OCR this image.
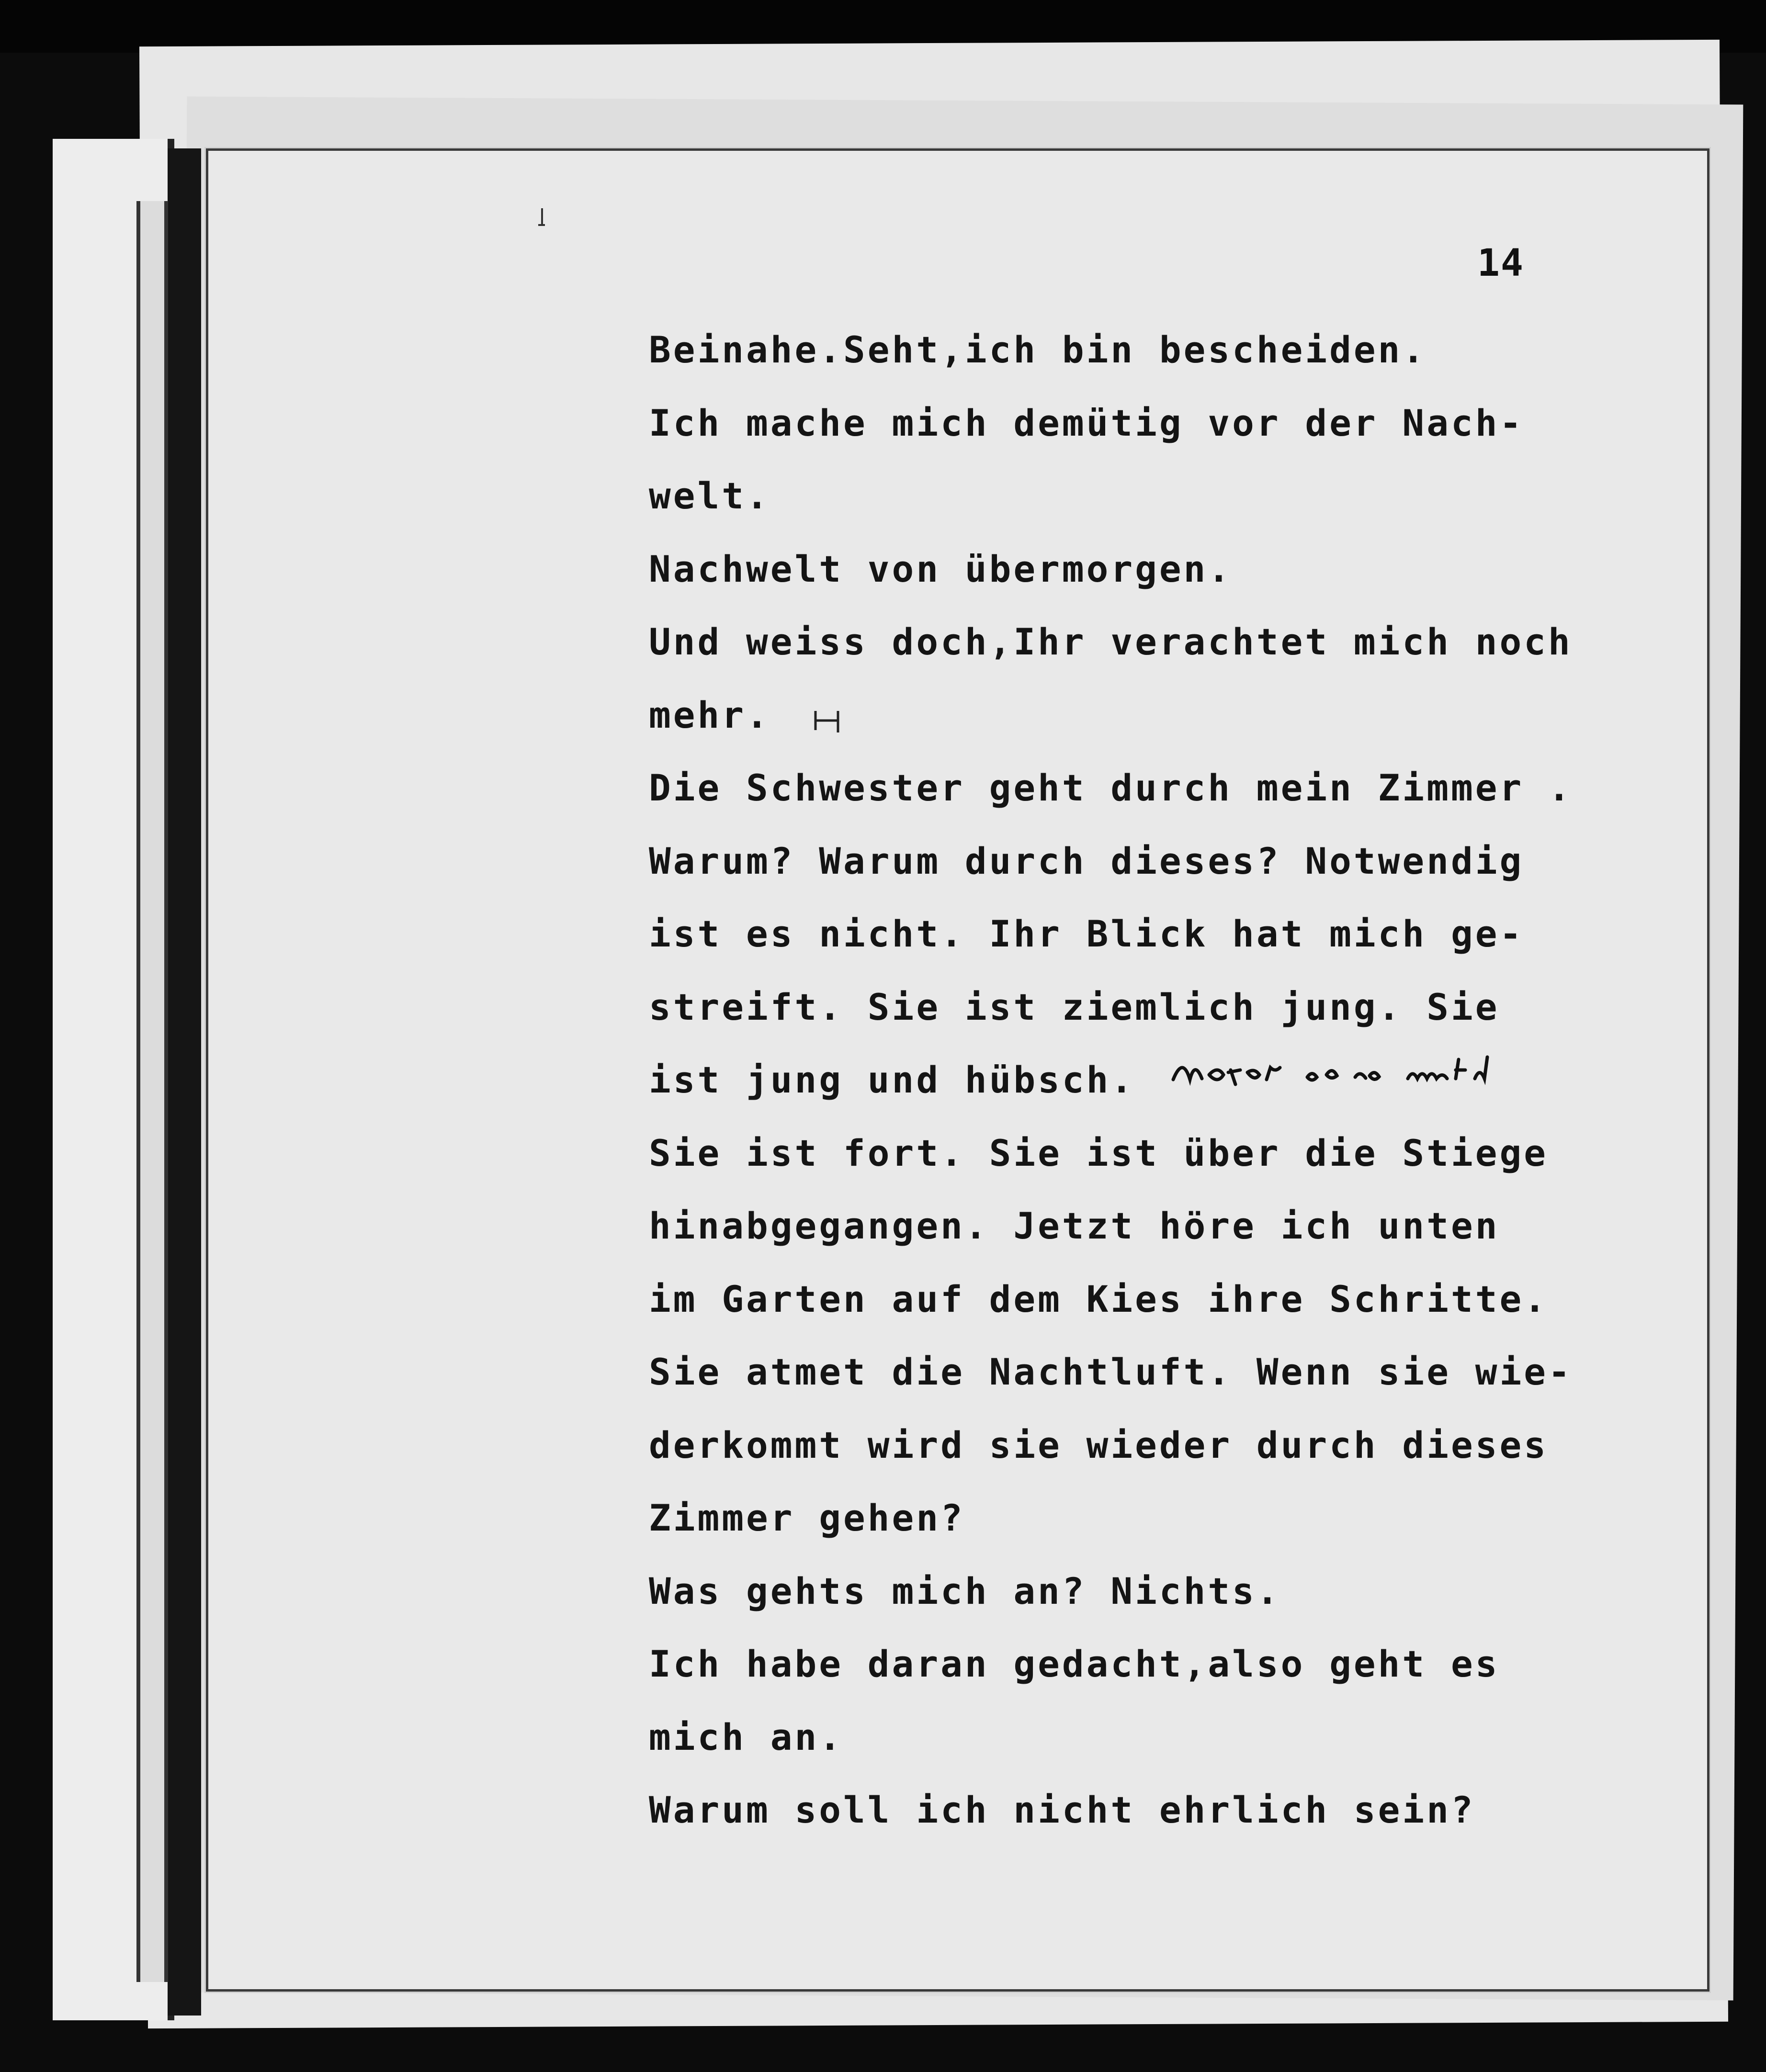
14
Beinahe.Seht,ich bin bescheiden.
Ich mache mich demütig vor der Nach-
welt.
Nachwelt von übermorgen.
Und weiss doch,Ihr verachtet mich noch
mehr.
Die Schwester geht durch mein Zimmer .
Warum? Warum durch dieses? Notwendig
ist es nicht. Ihr Blick hat mich ge-
streift. Sie ist ziemlich jung. Sie
ist jung und hübsch.
Sie ist fort. Sie ist über die Stiege
hinabgegangen. Jetzt höre ich unten
im Garten auf dem Kies ihre Schritte.
Sie atmet die Nachtluft. Wenn sie wie-
derkommt wird sie wieder durch dieses
Zimmer gehen?
Was gehts mich an? Nichts.
Ich habe daran gedacht,also geht es
mich an.
Warum soll ich nicht ehrlich sein?
